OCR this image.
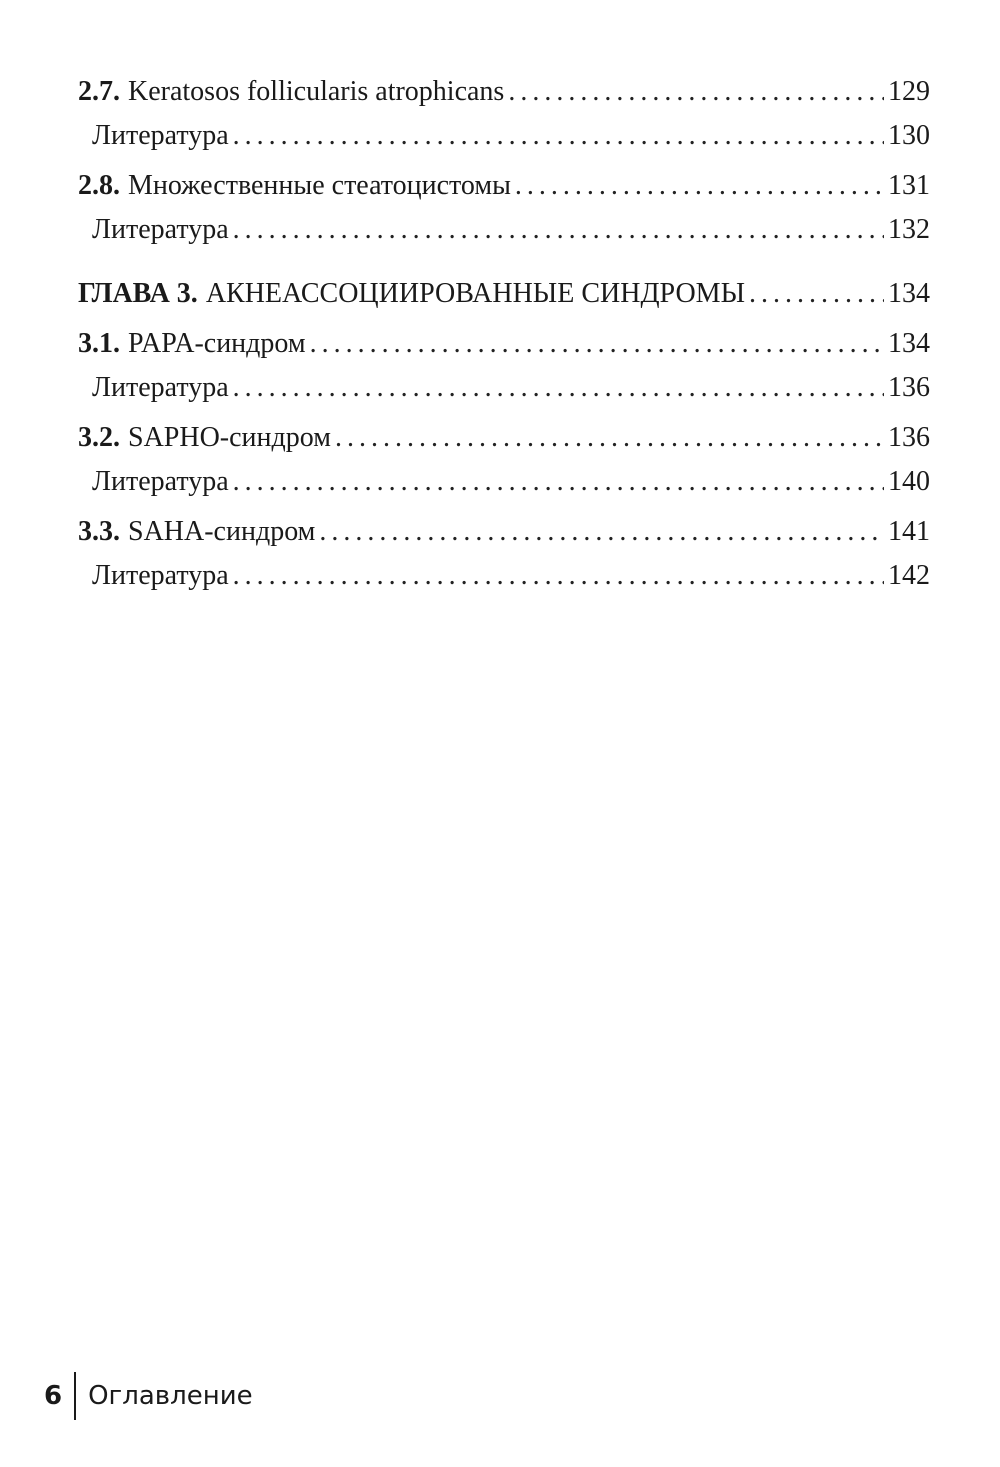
2.7. Keratosos follicularis atrophicans . . .	129
Литература . . .	130
2.8. Множественные стеатоцистомы . . .	131
Литература . . .	132
ГЛАВА 3. АКНЕАССОЦИИРОВАННЫЕ СИНДРОМЫ . . .	134
3.1. PAPA-синдром . . .	134
Литература . . .	136
3.2. SAPHO-синдром . . .	136
Литература . . .	140
3.3. SAHA-синдром . . .	141
Литература . . .	142
6 Оглавление
